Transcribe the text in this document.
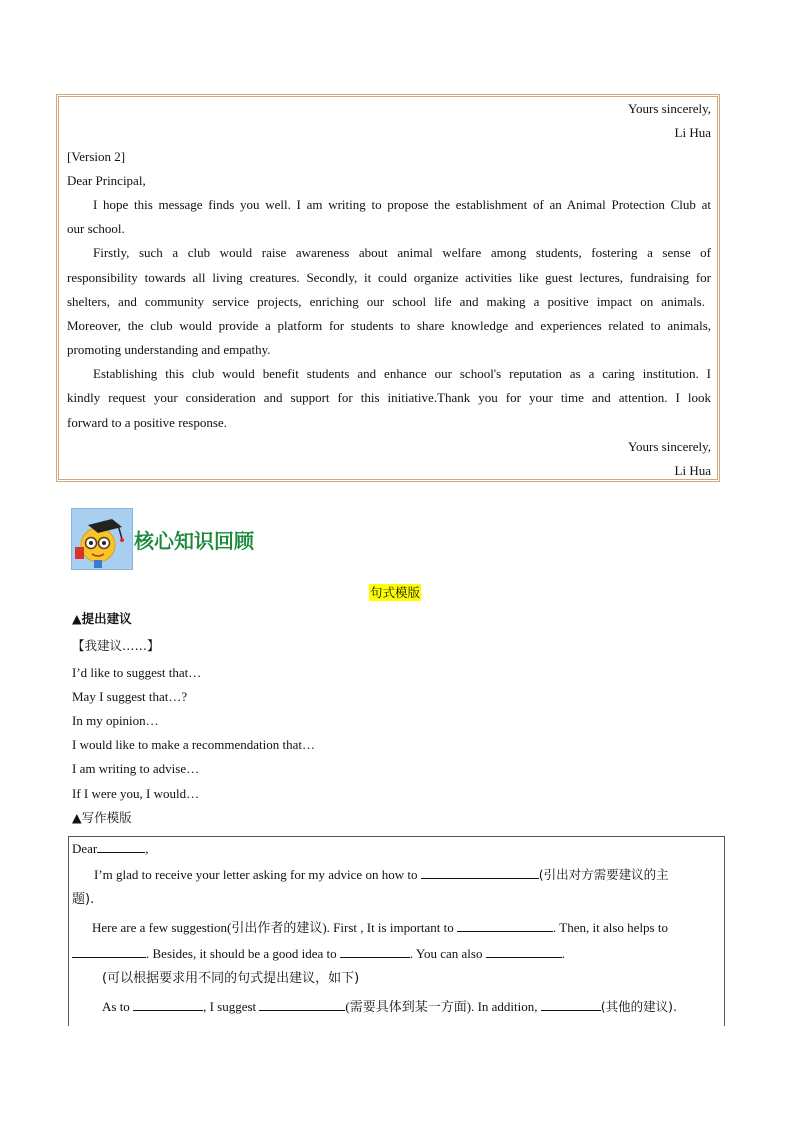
Yours sincerely,
Li Hua
[Version 2]
Dear Principal,
I hope this message finds you well. I am writing to propose the establishment of an Animal Protection Club at
our school.
Firstly, such a club would raise awareness about animal welfare among students, fostering a sense of
responsibility towards all living creatures. Secondly, it could organize activities like guest lectures, fundraising for
shelters, and community service projects, enriching our school life and making a positive impact on animals.
Moreover, the club would provide a platform for students to share knowledge and experiences related to animals,
promoting understanding and empathy.
Establishing this club would benefit students and enhance our school's reputation as a caring institution. I
kindly request your consideration and support for this initiative.Thank you for your time and attention. I look
forward to a positive response.
Yours sincerely,
Li Hua
核心知识回顾
句式模版
▲提出建议
【我建议……】
I’d like to suggest that…
May I suggest that…?
In my opinion…
I would like to make a recommendation that…
I am writing to advise…
If I were you, I would…
▲写作模版
Dear	,
I’m glad to receive your letter asking for my advice on how to	(引出对方需要建议的主
题).
Here are a few suggestion(引出作者的建议). First , It is important to	. Then, it also helps to
. Besides, it should be a good idea to	. You can also	.
(可以根据要求用不同的句式提出建议，如下)
As to	, I suggest	(需要具体到某一方面). In addition,	(其他的建议).
